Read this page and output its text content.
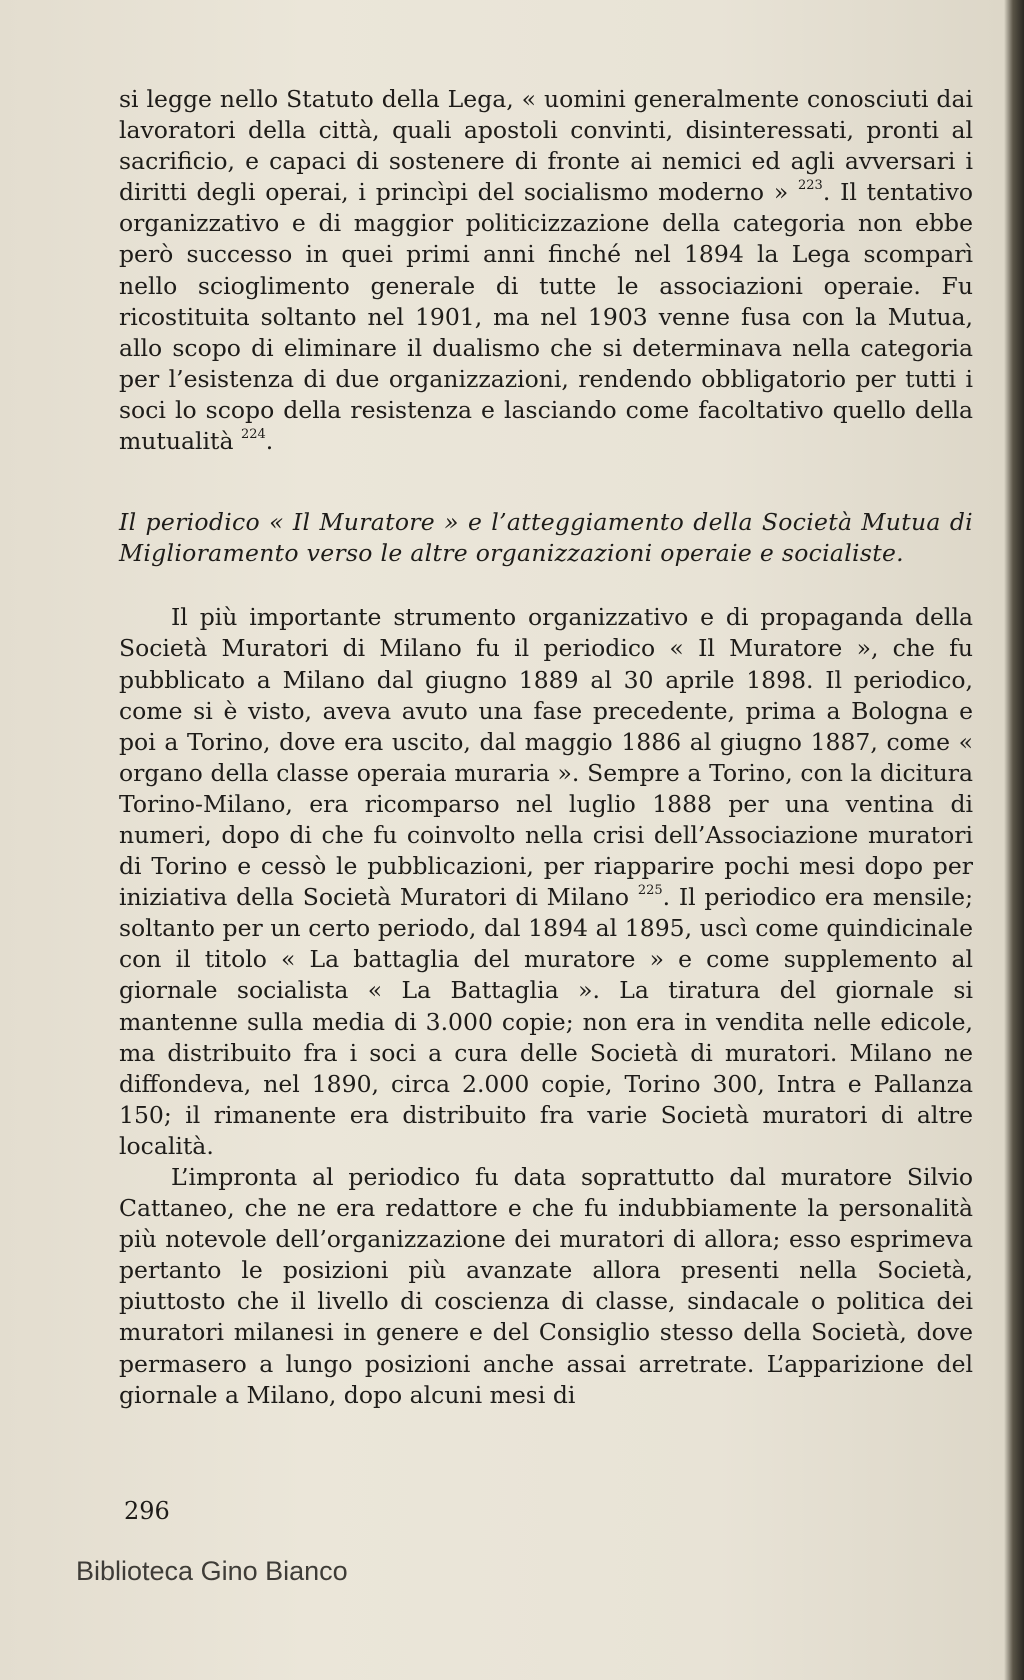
si legge nello Statuto della Lega, « uomini generalmente conosciuti dai lavoratori della città, quali apostoli convinti, disinteressati, pronti al sacrificio, e capaci di sostenere di fronte ai nemici ed agli avversari i diritti degli operai, i princìpi del socialismo moderno » $^{223}$. Il tentativo organizzativo e di maggior politicizzazione della categoria non ebbe però successo in quei primi anni finché nel 1894 la Lega scomparì nello scioglimento generale di tutte le associazioni operaie. Fu ricostituita soltanto nel 1901, ma nel 1903 venne fusa con la Mutua, allo scopo di eliminare il dualismo che si determinava nella categoria per l’esistenza di due organizzazioni, rendendo obbligatorio per tutti i soci lo scopo della resistenza e lasciando come facoltativo quello della mutualità $^{224}$.

Il periodico « Il Muratore » e l’atteggiamento della Società Mutua di Miglioramento verso le altre organizzazioni operaie e socialiste.

Il più importante strumento organizzativo e di propaganda della Società Muratori di Milano fu il periodico « Il Muratore », che fu pubblicato a Milano dal giugno 1889 al 30 aprile 1898. Il periodico, come si è visto, aveva avuto una fase precedente, prima a Bologna e poi a Torino, dove era uscito, dal maggio 1886 al giugno 1887, come « organo della classe operaia muraria ». Sempre a Torino, con la dicitura Torino-Milano, era ricomparso nel luglio 1888 per una ventina di numeri, dopo di che fu coinvolto nella crisi dell’Associazione muratori di Torino e cessò le pubblicazioni, per riapparire pochi mesi dopo per iniziativa della Società Muratori di Milano $^{225}$. Il periodico era mensile; soltanto per un certo periodo, dal 1894 al 1895, uscì come quindicinale con il titolo « La battaglia del muratore » e come supplemento al giornale socialista « La Battaglia ». La tiratura del giornale si mantenne sulla media di 3.000 copie; non era in vendita nelle edicole, ma distribuito fra i soci a cura delle Società di muratori. Milano ne diffondeva, nel 1890, circa 2.000 copie, Torino 300, Intra e Pallanza 150; il rimanente era distribuito fra varie Società muratori di altre località.

L’impronta al periodico fu data soprattutto dal muratore Silvio Cattaneo, che ne era redattore e che fu indubbiamente la personalità più notevole dell’organizzazione dei muratori di allora; esso esprimeva pertanto le posizioni più avanzate allora presenti nella Società, piuttosto che il livello di coscienza di classe, sindacale o politica dei muratori milanesi in genere e del Consiglio stesso della Società, dove permasero a lungo posizioni anche assai arretrate. L’apparizione del giornale a Milano, dopo alcuni mesi di

296
Biblioteca Gino Bianco
